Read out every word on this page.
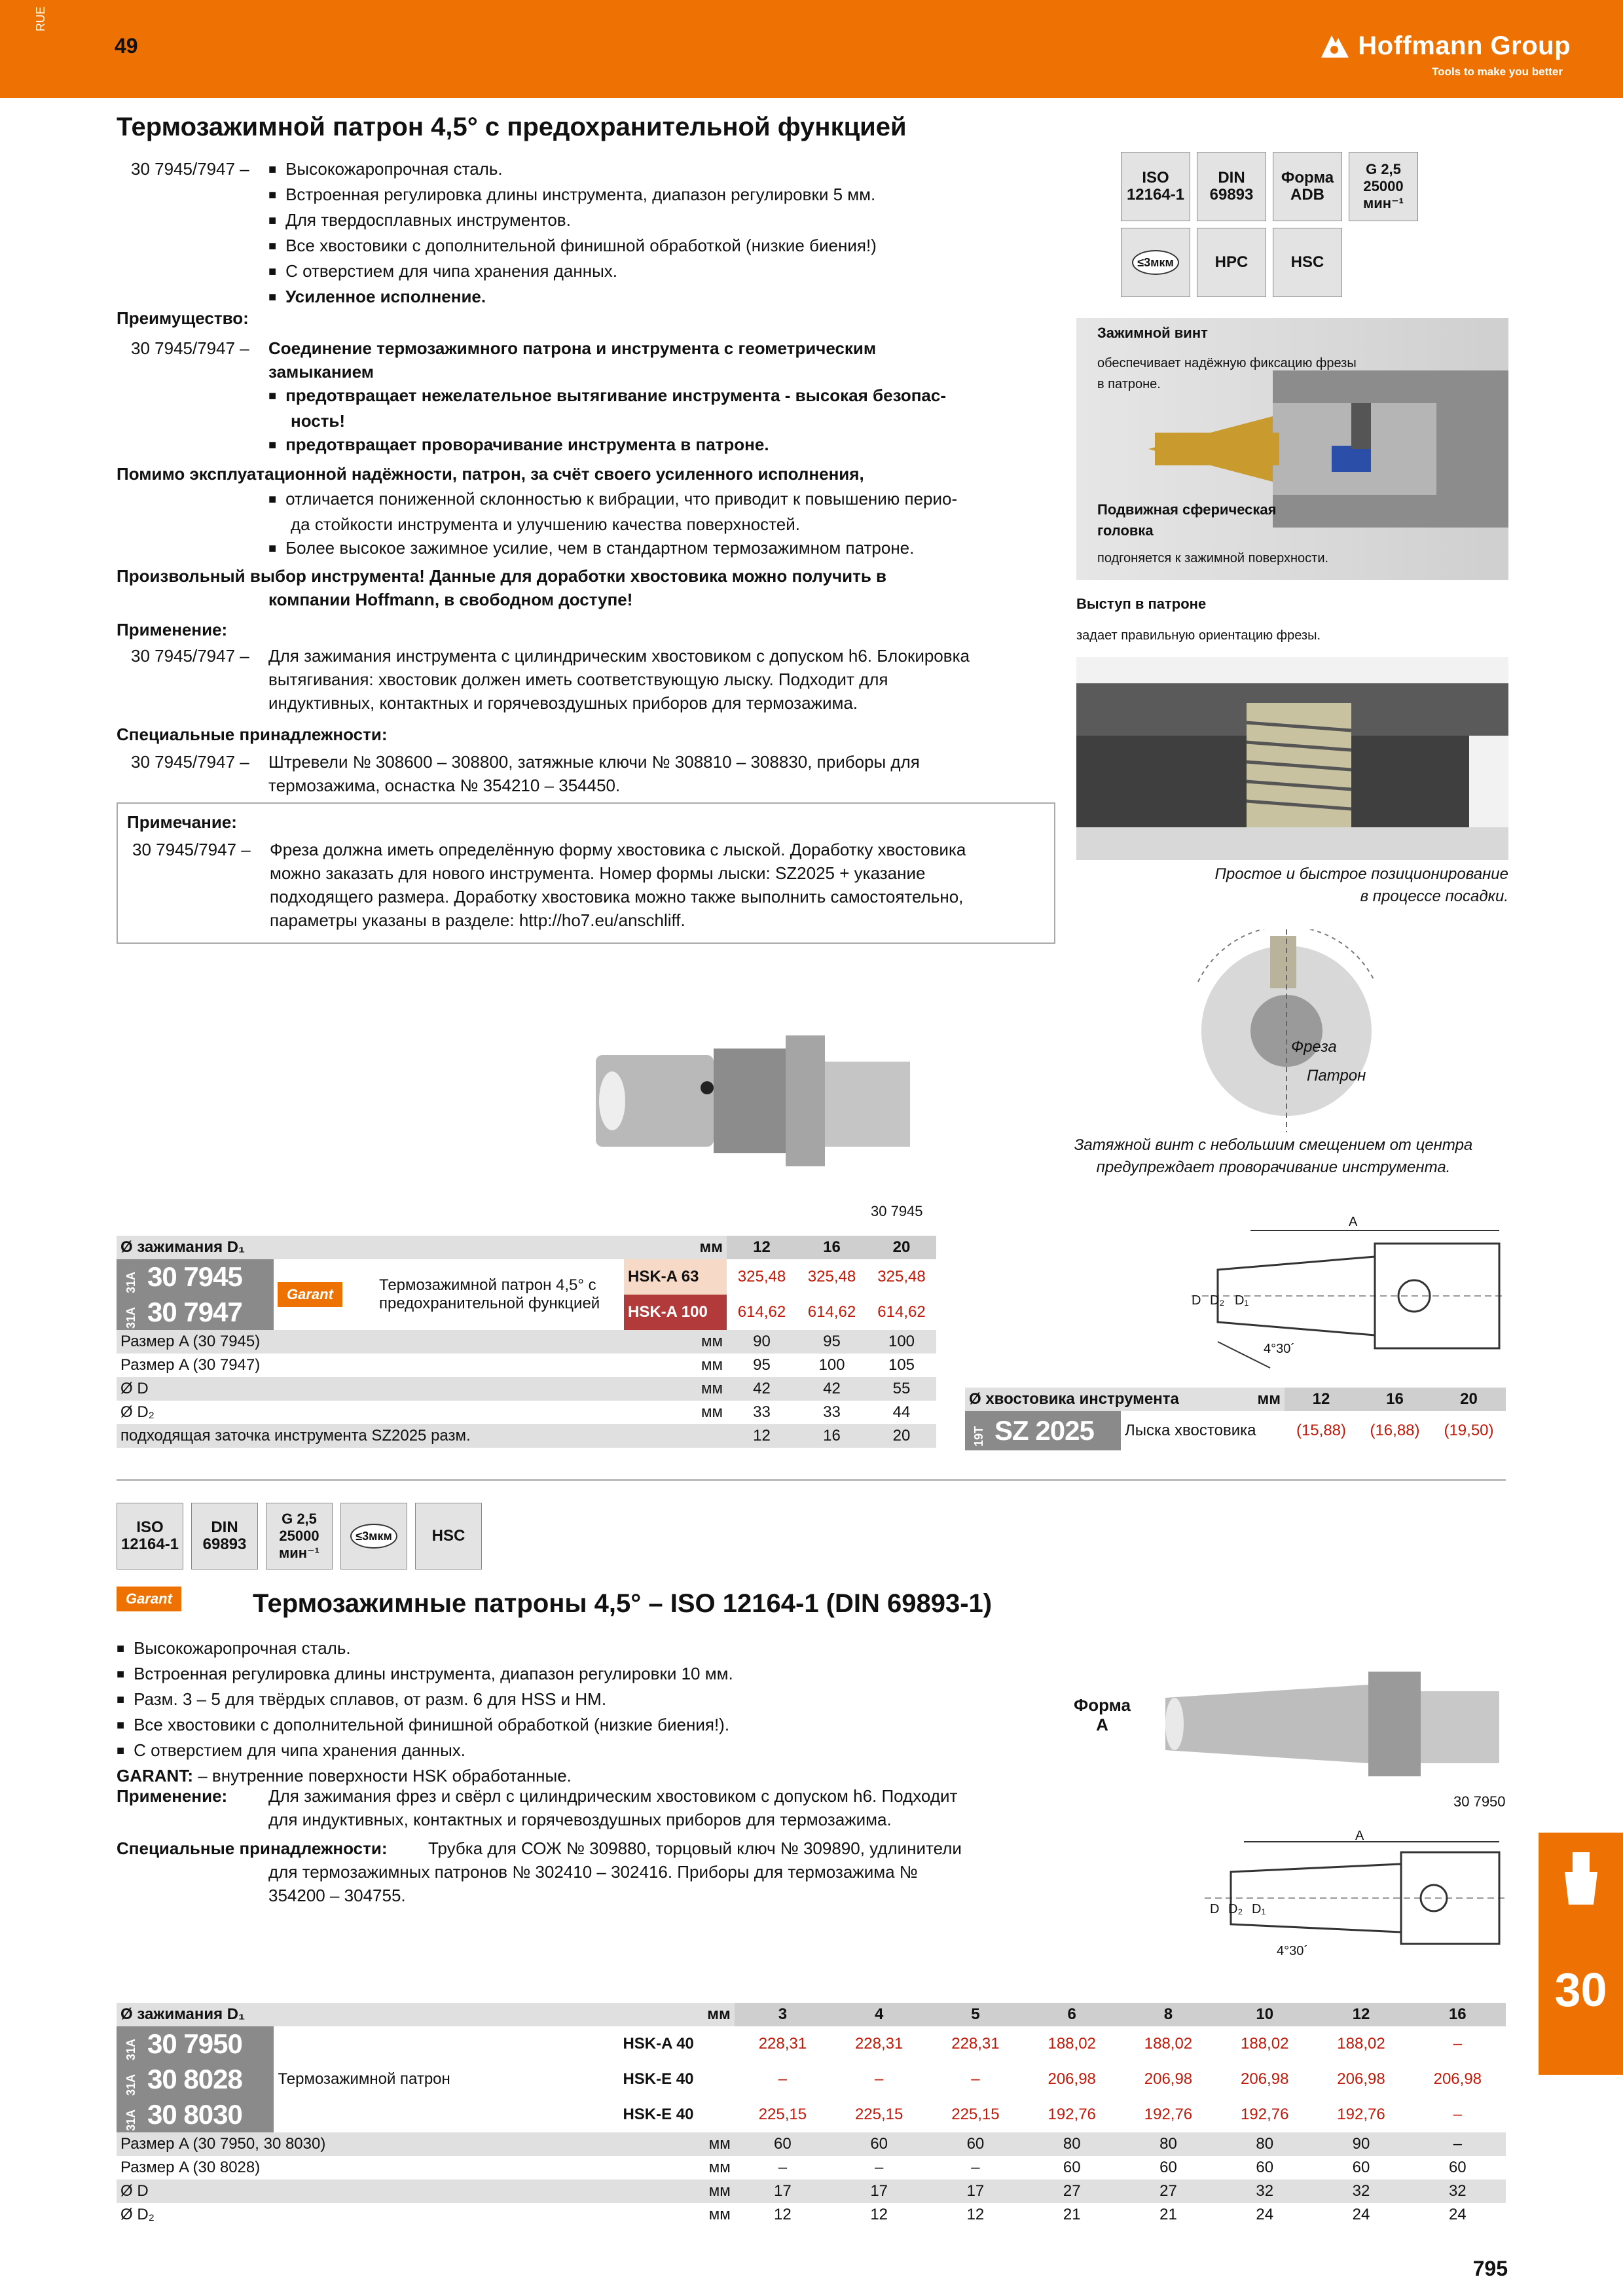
RUE
49	Hoffmann Group
Tools to make you better
Термозажимной патрон 4,5° с предохранительной функцией
30 7945/7947 –	■ Высокожаропрочная сталь.
■ Встроенная регулировка длины инструмента, диапазон регулировки 5 мм.
■ Для твердосплавных инструментов.
■ Все хвостовики с дополнительной финишной обработкой (низкие биения!)
■ С отверстием для чипа хранения данных.
■ Усиленное исполнение.
Преимущество:
30 7945/7947 –	Соединение термозажимного патрона и инструмента с геометрическим
замыканием
■ предотвращает нежелательное вытягивание инструмента - высокая безопас-
ность!
■ предотвращает проворачивание инструмента в патроне.
Помимо эксплуатационной надёжности, патрон, за счёт своего усиленного исполнения,
■ отличается пониженной склонностью к вибрации, что приводит к повышению перио-
да стойкости инструмента и улучшению качества поверхностей.
■ Более высокое зажимное усилие, чем в стандартном термозажимном патроне.
Произвольный выбор инструмента! Данные для доработки хвостовика можно получить в
компании Hoffmann, в свободном доступе!
Применение:
30 7945/7947 –	Для зажимания инструмента с цилиндрическим хвостовиком с допуском h6. Блокировка
вытягивания: хвостовик должен иметь соответствующую лыску. Подходит для
индуктивных, контактных и горячевоздушных приборов для термозажима.
Специальные принадлежности:
30 7945/7947 –	Штревели № 308600 – 308800, затяжные ключи № 308810 – 308830, приборы для
термозажима, оснастка № 354210 – 354450.
Примечание:
30 7945/7947 –	Фреза должна иметь определённую форму хвостовика с лыской. Доработку хвостовика
можно заказать для нового инструмента. Номер формы лыски: SZ2025 + указание
подходящего размера. Доработку хвостовика можно также выполнить самостоятельно,
параметры указаны в разделе: http://ho7.eu/anschliff.
ISO
12164-1
DIN
69893
Форма
ADB
G 2,5
25000
мин⁻¹
≤3мкм	HPC	HSC
Зажимной винт
обеспечивает надёжную фиксацию фрезы
в патроне.
Подвижная сферическая
головка
подгоняется к зажимной поверхности.
Выступ в патроне
задает правильную ориентацию фрезы.
Простое и быстрое позиционирование
в процессе посадки.
Фреза
Патрон
Затяжной винт с небольшим смещением от центра
предупреждает проворачивание инструмента.
30 7945
Ø зажимания D₁			мм	12	16	20
31A 30 7945	Garant	Термозажимной патрон 4,5° с
предохранительной функцией	HSK-A 63	325,48	325,48	325,48
31A 30 7947			HSK-A 100	614,62	614,62	614,62
Размер A (30 7945)			мм	90	95	100
Размер A (30 7947)			мм	95	100	105
Ø D			мм	42	42	55
Ø D₂			мм	33	33	44
подходящая заточка инструмента SZ2025 разм.				12	16	20
A
D D₂ D₁
4°30´
Ø хвостовика инструмента		мм	12	16	20
19T SZ 2025	Лыска хвостовика		(15,88)	(16,88)	(19,50)
ISO
12164-1
DIN
69893
G 2,5
25000
мин⁻¹
≤3мкм	HSC
Garant	Термозажимные патроны 4,5° – ISO 12164-1 (DIN 69893-1)
■ Высокожаропрочная сталь.
■ Встроенная регулировка длины инструмента, диапазон регулировки 10 мм.
■ Разм. 3 – 5 для твёрдых сплавов, от разм. 6 для HSS и HM.
■ Все хвостовики с дополнительной финишной обработкой (низкие биения!).
■ С отверстием для чипа хранения данных.
GARANT: – внутренние поверхности HSK обработанные.
Применение: Для зажимания фрез и свёрл с цилиндрическим хвостовиком с допуском h6. Подходит
для индуктивных, контактных и горячевоздушных приборов для термозажима.
Специальные принадлежности:	Трубка для СОЖ № 309880, торцовый ключ № 309890, удлинители
для термозажимных патронов № 302410 – 302416. Приборы для термозажима №
354200 – 304755.
Форма
A
30 7950
A
D D₂ D₁
4°30´
Ø зажимания D₁		мм	3	4	5	6	8	10	12	16
31A 30 7950	Термозажимной патрон	HSK-A 40	228,31	228,31	228,31	188,02	188,02	188,02	188,02	–
31A 30 8028		HSK-E 40	–	–	–	206,98	206,98	206,98	206,98	206,98
31A 30 8030		HSK-E 40	225,15	225,15	225,15	192,76	192,76	192,76	192,76	–
Размер A (30 7950, 30 8030)		мм	60	60	60	80	80	80	90	–
Размер A (30 8028)		мм	–	–	–	60	60	60	60	60
Ø D		мм	17	17	17	27	27	32	32	32
Ø D₂		мм	12	12	12	21	21	24	24	24
30
795
